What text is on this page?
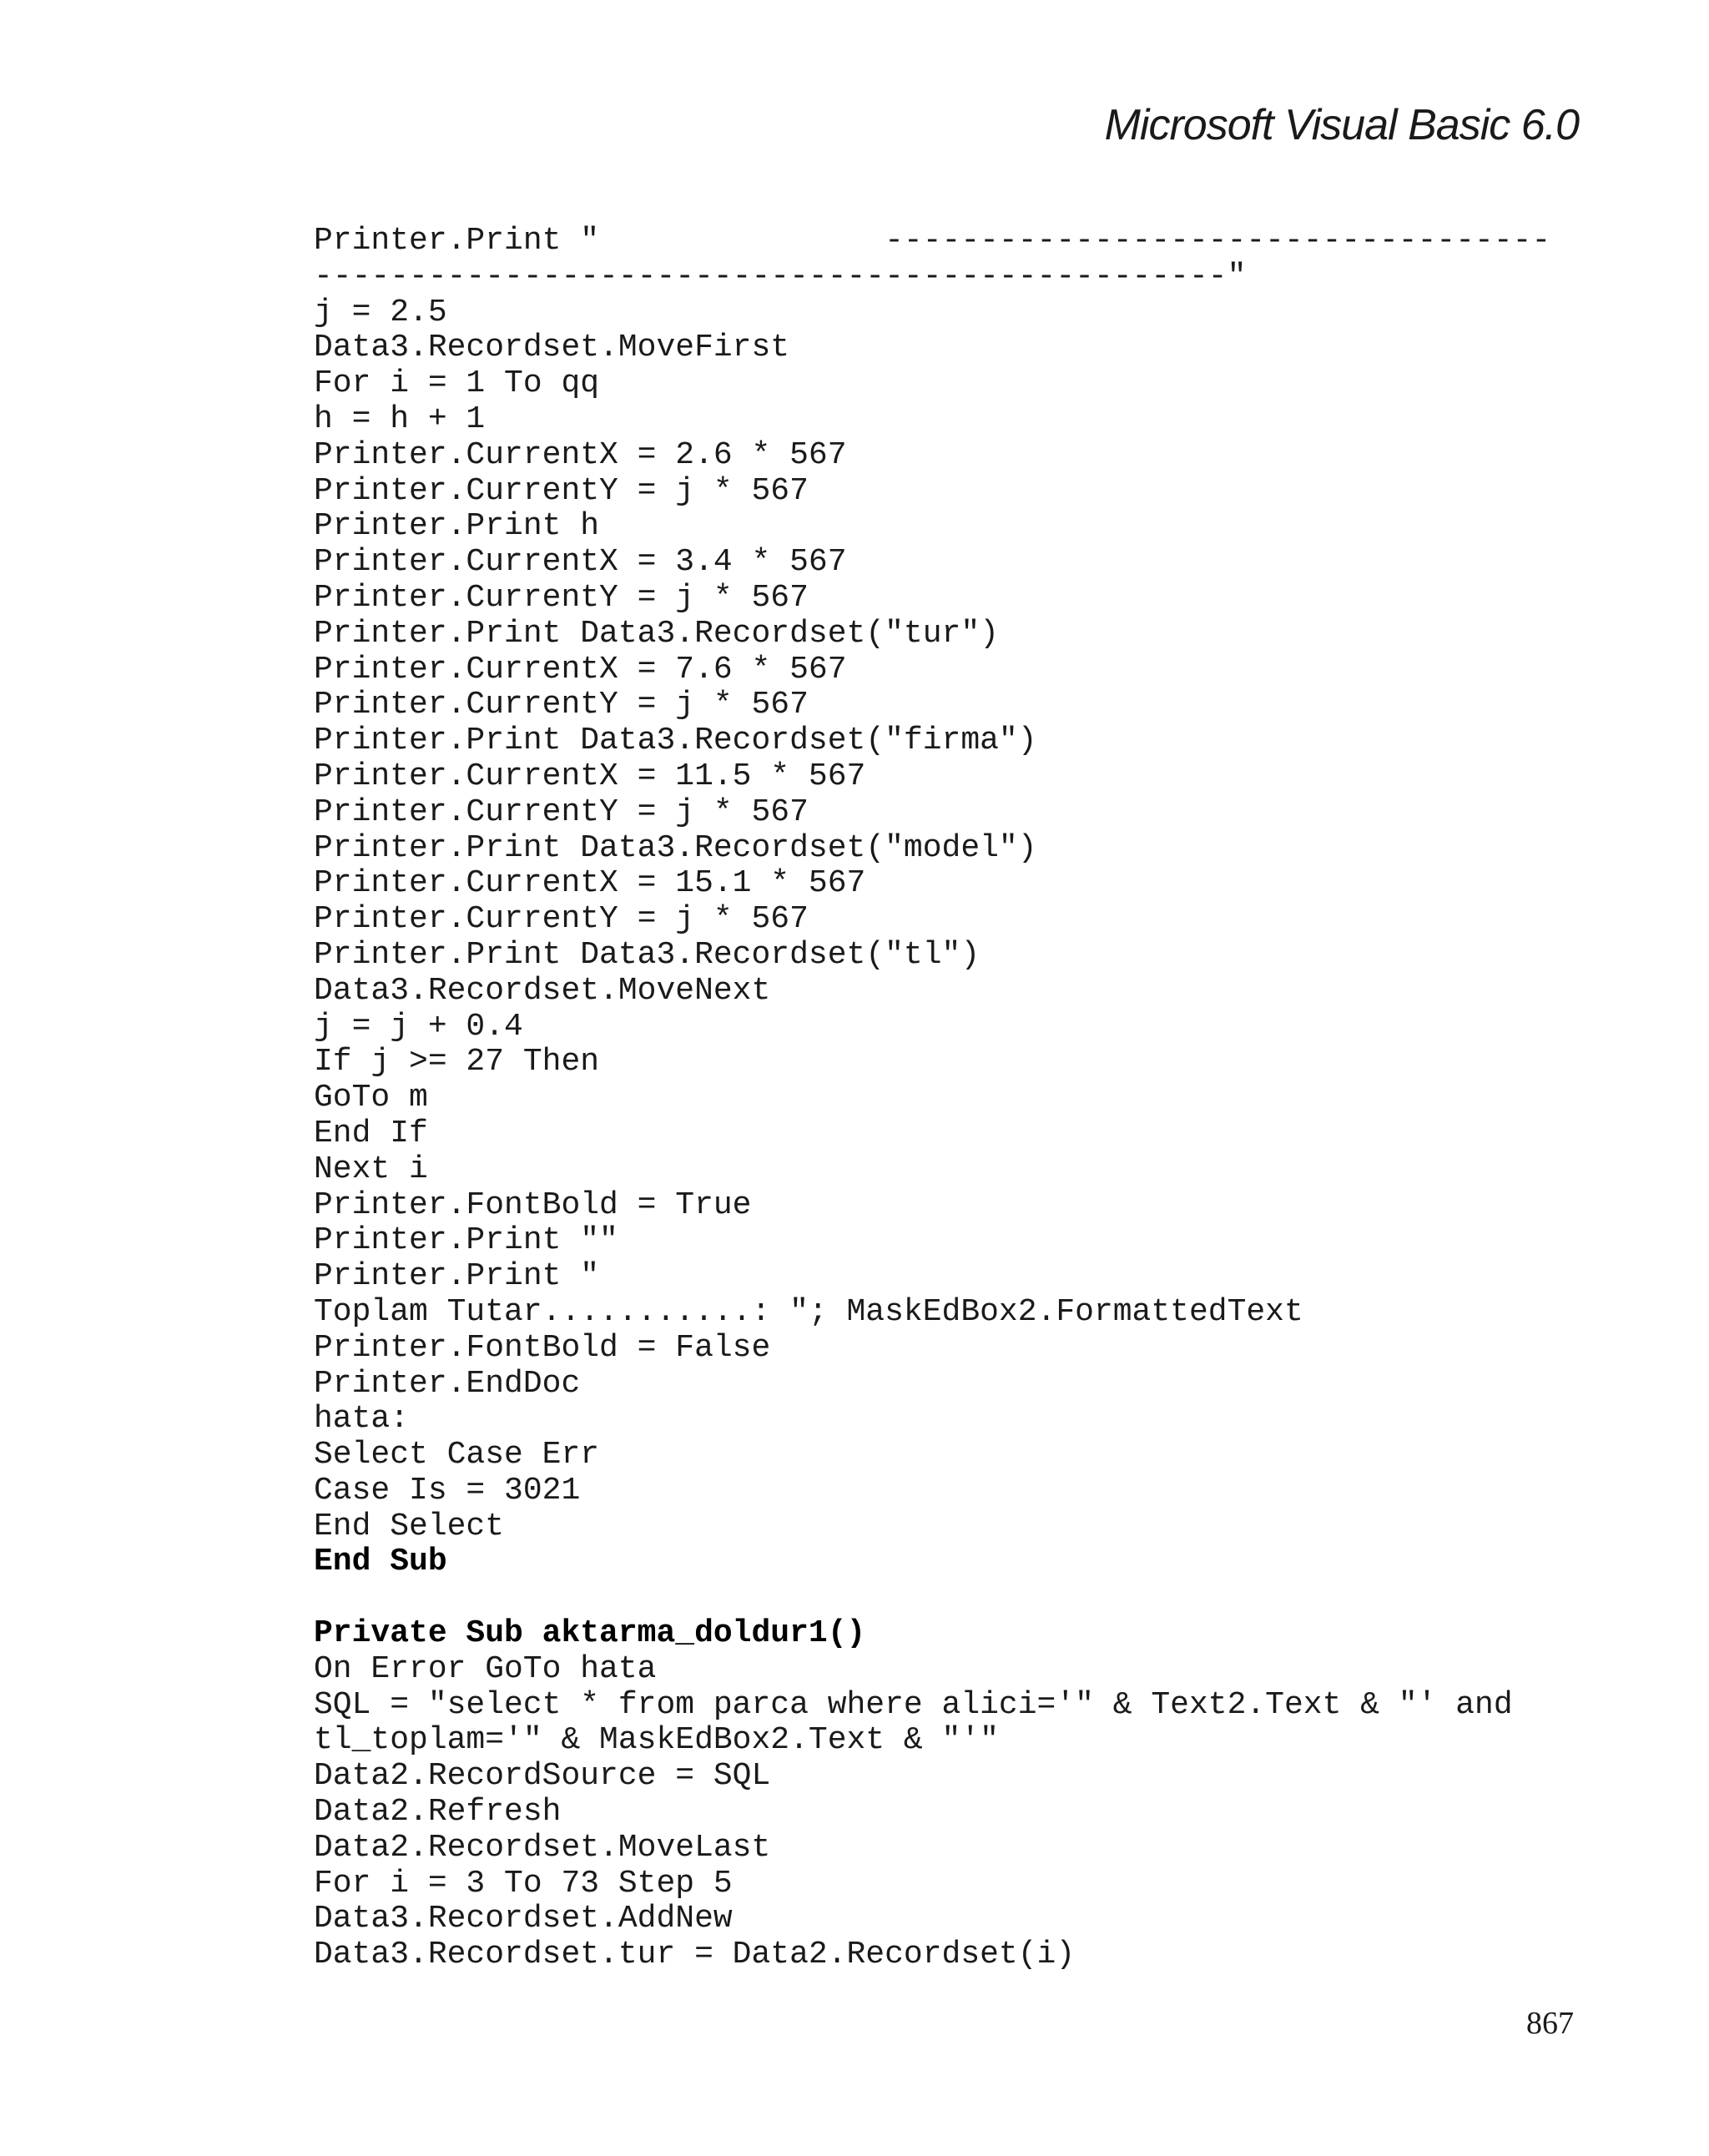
Microsoft Visual Basic 6.0
Printer.Print "               -----------------------------------
------------------------------------------------"
j = 2.5
Data3.Recordset.MoveFirst
For i = 1 To qq
h = h + 1
Printer.CurrentX = 2.6 * 567
Printer.CurrentY = j * 567
Printer.Print h
Printer.CurrentX = 3.4 * 567
Printer.CurrentY = j * 567
Printer.Print Data3.Recordset("tur")
Printer.CurrentX = 7.6 * 567
Printer.CurrentY = j * 567
Printer.Print Data3.Recordset("firma")
Printer.CurrentX = 11.5 * 567
Printer.CurrentY = j * 567
Printer.Print Data3.Recordset("model")
Printer.CurrentX = 15.1 * 567
Printer.CurrentY = j * 567
Printer.Print Data3.Recordset("tl")
Data3.Recordset.MoveNext
j = j + 0.4
If j >= 27 Then
GoTo m
End If
Next i
Printer.FontBold = True
Printer.Print ""
Printer.Print "
Toplam Tutar...........: "; MaskEdBox2.FormattedText
Printer.FontBold = False
Printer.EndDoc
hata:
Select Case Err
Case Is = 3021
End Select
End Sub
Private Sub aktarma_doldur1()
On Error GoTo hata
SQL = "select * from parca where alici='" & Text2.Text & "' and
tl_toplam='" & MaskEdBox2.Text & "'"
Data2.RecordSource = SQL
Data2.Refresh
Data2.Recordset.MoveLast
For i = 3 To 73 Step 5
Data3.Recordset.AddNew
Data3.Recordset.tur = Data2.Recordset(i)
867
